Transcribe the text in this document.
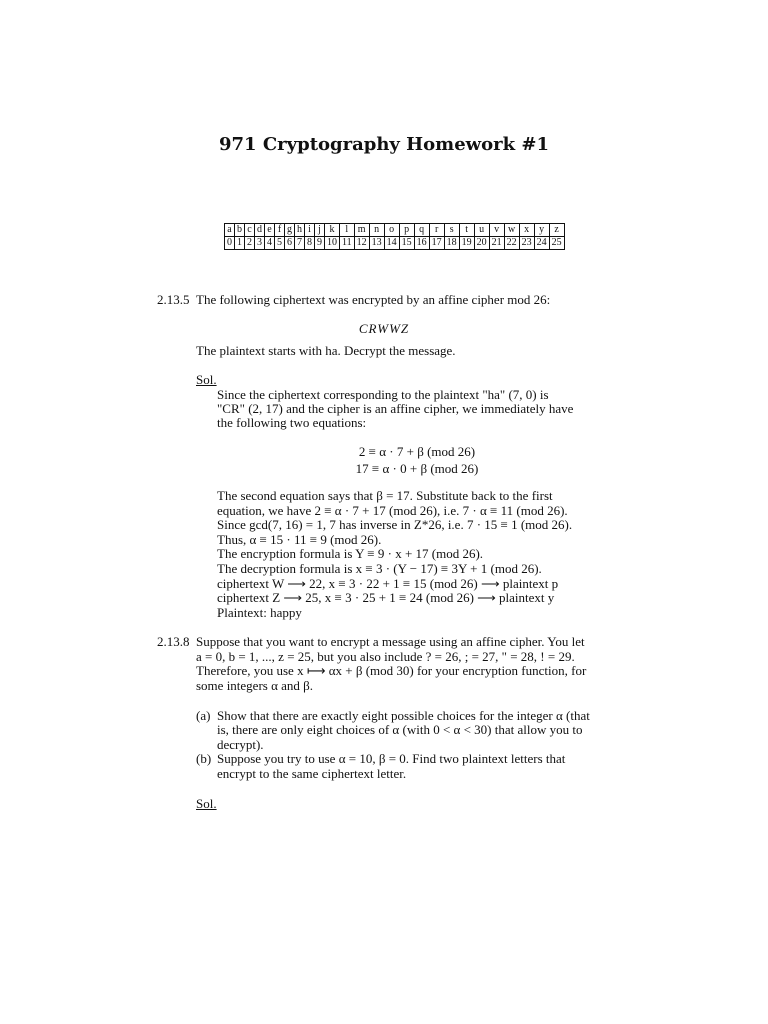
971 Cryptography Homework #1
a	b	c	d	e	f	g	h	i	j	k	l	m	n	o	p	q	r	s	t	u	v	w	x	y	z
0	1	2	3	4	5	6	7	8	9	10	11	12	13	14	15	16	17	18	19	20	21	22	23	24	25
2.13.5 The following ciphertext was encrypted by an affine cipher mod 26:
CRWWZ
The plaintext starts with ha. Decrypt the message.
Sol.
Since the ciphertext corresponding to the plaintext "ha" (7, 0) is
"CR" (2, 17) and the cipher is an affine cipher, we immediately have
the following two equations:
2 ≡ α · 7 + β (mod 26)
17 ≡ α · 0 + β (mod 26)
The second equation says that β = 17. Substitute back to the first
equation, we have 2 ≡ α · 7 + 17 (mod 26), i.e. 7 · α ≡ 11 (mod 26).
Since gcd(7, 16) = 1, 7 has inverse in Z*26, i.e. 7 · 15 ≡ 1 (mod 26).
Thus, α ≡ 15 · 11 ≡ 9 (mod 26).
The encryption formula is Y ≡ 9 · x + 17 (mod 26).
The decryption formula is x ≡ 3 · (Y − 17) ≡ 3Y + 1 (mod 26).
ciphertext W ⟶ 22, x ≡ 3 · 22 + 1 ≡ 15 (mod 26) ⟶ plaintext p
ciphertext Z ⟶ 25, x ≡ 3 · 25 + 1 ≡ 24 (mod 26) ⟶ plaintext y
Plaintext: happy
2.13.8 Suppose that you want to encrypt a message using an affine cipher. You let
a = 0, b = 1, ..., z = 25, but you also include ? = 26, ; = 27, " = 28, ! = 29.
Therefore, you use x ⟼ αx + β (mod 30) for your encryption function, for
some integers α and β.
(a) Show that there are exactly eight possible choices for the integer α (that
is, there are only eight choices of α (with 0 < α < 30) that allow you to
decrypt).
(b) Suppose you try to use α = 10, β = 0. Find two plaintext letters that
encrypt to the same ciphertext letter.
Sol.
